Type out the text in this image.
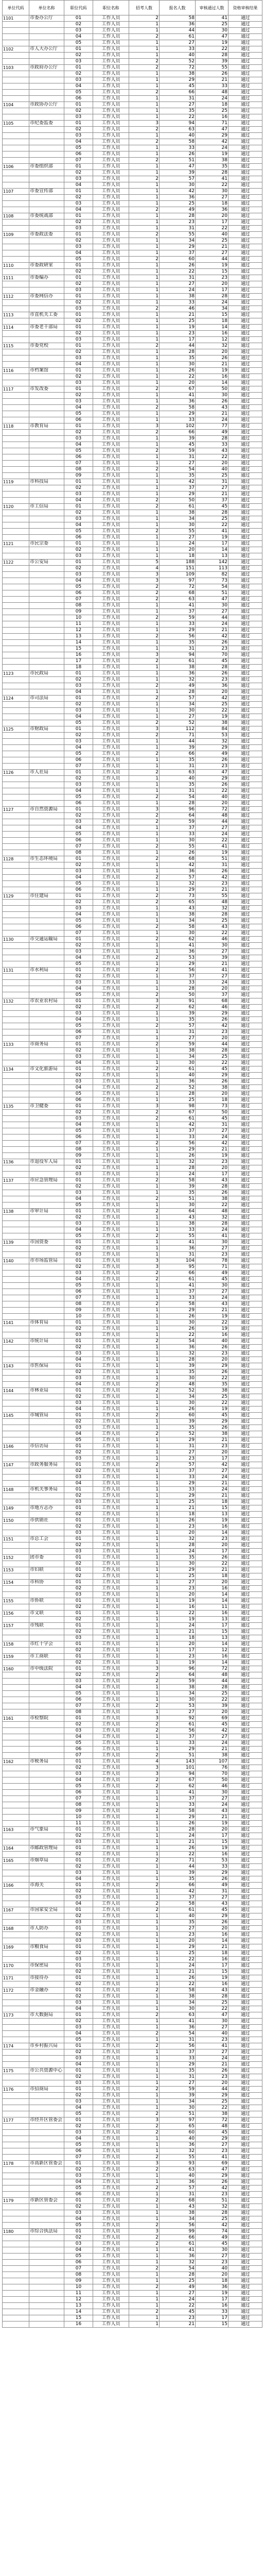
单位代码	单位名称	职位代码	职位名称	招考人数	报名人数	审核通过人数	资格审核结果
1101	市委办公厅	01	工作人员	2	58	41	通过
		02	工作人员	1	36	25	通过
		03	工作人员	1	44	30	通过
		04	工作人员	2	61	47	通过
		05	工作人员	1	27	19	通过
1102	市人大办公厅	01	工作人员	1	33	22	通过
		02	工作人员	1	40	28	通过
		03	工作人员	2	52	39	通过
1103	市政府办公厅	01	工作人员	2	72	55	通过
		02	工作人员	1	38	26	通过
		03	工作人员	1	29	21	通过
		04	工作人员	1	45	33	通过
		05	工作人员	2	66	48	通过
		06	工作人员	1	31	24	通过
1104	市政协办公厅	01	工作人员	1	27	18	通过
		02	工作人员	1	35	25	通过
		03	工作人员	1	22	16	通过
1105	市纪委监委	01	工作人员	3	94	71	通过
		02	工作人员	2	63	47	通过
		03	工作人员	1	40	29	通过
		04	工作人员	2	58	42	通过
		05	工作人员	1	33	24	通过
		06	工作人员	1	26	19	通过
		07	工作人员	2	51	38	通过
1106	市委组织部	01	工作人员	1	47	35	通过
		02	工作人员	1	39	28	通过
		03	工作人员	2	57	41	通过
		04	工作人员	1	30	22	通过
1107	市委宣传部	01	工作人员	1	42	30	通过
		02	工作人员	1	36	27	通过
		03	工作人员	1	25	18	通过
		04	工作人员	2	49	36	通过
1108	市委统战部	01	工作人员	1	28	20	通过
		02	工作人员	1	23	17	通过
		03	工作人员	1	31	22	通过
1109	市委政法委	01	工作人员	2	55	40	通过
		02	工作人员	1	34	25	通过
		03	工作人员	1	29	21	通过
		04	工作人员	1	37	27	通过
		05	工作人员	2	60	44	通过
1110	市委政研室	01	工作人员	1	26	19	通过
		02	工作人员	1	22	15	通过
1111	市委编办	01	工作人员	1	31	23	通过
		02	工作人员	1	27	20	通过
		03	工作人员	1	24	17	通过
1112	市委网信办	01	工作人员	1	38	28	通过
		02	工作人员	1	33	24	通过
		03	工作人员	2	46	34	通过
1113	市直机关工委	01	工作人员	1	21	15	通过
		02	工作人员	1	25	18	通过
1114	市委老干部局	01	工作人员	1	19	14	通过
		02	工作人员	1	23	16	通过
		03	工作人员	1	17	12	通过
1115	市委党校	01	工作人员	2	44	32	通过
		02	工作人员	1	28	20	通过
		03	工作人员	1	35	26	通过
		04	工作人员	1	30	21	通过
1116	市档案馆	01	工作人员	1	26	19	通过
		02	工作人员	1	22	16	通过
		03	工作人员	1	20	14	通过
1117	市发改委	01	工作人员	2	67	50	通过
		02	工作人员	1	41	30	通过
		03	工作人员	1	36	26	通过
		04	工作人员	2	58	43	通过
		05	工作人员	1	29	21	通过
		06	工作人员	1	33	24	通过
1118	市教育局	01	工作人员	3	102	77	通过
		02	工作人员	2	66	49	通过
		03	工作人员	1	39	28	通过
		04	工作人员	1	45	33	通过
		05	工作人员	2	59	43	通过
		06	工作人员	1	31	22	通过
		07	工作人员	1	27	20	通过
		08	工作人员	2	54	40	通过
		09	工作人员	1	35	25	通过
1119	市科技局	01	工作人员	1	42	31	通过
		02	工作人员	1	37	27	通过
		03	工作人员	1	29	21	通过
		04	工作人员	2	50	37	通过
1120	市工信局	01	工作人员	2	61	45	通过
		02	工作人员	1	38	28	通过
		03	工作人员	1	34	25	通过
		04	工作人员	1	30	22	通过
		05	工作人员	2	55	41	通过
		06	工作人员	1	27	19	通过
1121	市民宗委	01	工作人员	1	24	17	通过
		02	工作人员	1	20	14	通过
		03	工作人员	1	18	13	通过
1122	市公安局	01	工作人员	5	188	142	通过
		02	工作人员	4	151	113	通过
		03	工作人员	3	109	82	通过
		04	工作人员	3	97	73	通过
		05	工作人员	2	72	54	通过
		06	工作人员	2	68	51	通过
		07	工作人员	2	63	47	通过
		08	工作人员	1	41	30	通过
		09	工作人员	1	37	27	通过
		10	工作人员	2	59	44	通过
		11	工作人员	1	33	24	通过
		12	工作人员	1	29	21	通过
		13	工作人员	2	56	42	通过
		14	工作人员	1	35	26	通过
		15	工作人员	1	31	23	通过
		16	工作人员	3	94	70	通过
		17	工作人员	2	61	45	通过
		18	工作人员	1	38	28	通过
1123	市民政局	01	工作人员	1	36	26	通过
		02	工作人员	1	32	23	通过
		03	工作人员	2	49	36	通过
		04	工作人员	1	28	20	通过
1124	市司法局	01	工作人员	2	57	42	通过
		02	工作人员	1	34	25	通过
		03	工作人员	1	30	22	通过
		04	工作人员	1	27	19	通过
		05	工作人员	2	52	38	通过
1125	市财政局	01	工作人员	3	112	84	通过
		02	工作人员	2	71	53	通过
		03	工作人员	1	44	32	通过
		04	工作人员	1	39	29	通过
		05	工作人员	2	66	49	通过
		06	工作人员	1	35	26	通过
		07	工作人员	1	31	23	通过
1126	市人社局	01	工作人员	2	63	47	通过
		02	工作人员	1	40	29	通过
		03	工作人员	1	35	26	通过
		04	工作人员	1	31	22	通过
		05	工作人员	2	54	40	通过
		06	工作人员	1	28	20	通过
1127	市自然资源局	01	工作人员	3	96	72	通过
		02	工作人员	2	64	48	通过
		03	工作人员	2	59	44	通过
		04	工作人员	1	37	27	通过
		05	工作人员	1	33	24	通过
		06	工作人员	1	30	22	通过
		07	工作人员	2	55	41	通过
		08	工作人员	1	26	19	通过
1128	市生态环境局	01	工作人员	2	68	51	通过
		02	工作人员	1	42	31	通过
		03	工作人员	1	36	26	通过
		04	工作人员	2	57	42	通过
		05	工作人员	1	32	23	通过
		06	工作人员	1	29	21	通过
1129	市住建局	01	工作人员	2	73	55	通过
		02	工作人员	2	65	48	通过
		03	工作人员	1	43	32	通过
		04	工作人员	1	38	28	通过
		05	工作人员	1	34	25	通过
		06	工作人员	2	58	43	通过
		07	工作人员	1	30	22	通过
1130	市交通运输局	01	工作人员	2	62	46	通过
		02	工作人员	1	41	30	通过
		03	工作人员	1	36	27	通过
		04	工作人员	2	53	39	通过
		05	工作人员	1	29	21	通过
1131	市水利局	01	工作人员	2	56	41	通过
		02	工作人员	1	37	27	通过
		03	工作人员	1	33	24	通过
		04	工作人员	1	28	20	通过
		05	工作人员	2	50	37	通过
1132	市农业农村局	01	工作人员	3	91	68	通过
		02	工作人员	2	62	46	通过
		03	工作人员	1	39	29	通过
		04	工作人员	1	35	26	通过
		05	工作人员	2	57	42	通过
		06	工作人员	1	31	23	通过
		07	工作人员	1	27	20	通过
1133	市商务局	01	工作人员	2	59	44	通过
		02	工作人员	1	38	28	通过
		03	工作人员	1	34	25	通过
		04	工作人员	1	30	22	通过
1134	市文化旅游局	01	工作人员	2	61	45	通过
		02	工作人员	1	40	29	通过
		03	工作人员	1	36	26	通过
		04	工作人员	2	52	38	通过
		05	工作人员	1	28	20	通过
		06	工作人员	1	25	18	通过
1135	市卫健委	01	工作人员	3	98	73	通过
		02	工作人员	2	67	50	通过
		03	工作人员	2	61	45	通过
		04	工作人员	1	42	31	通过
		05	工作人员	1	37	27	通过
		06	工作人员	1	33	24	通过
		07	工作人员	2	56	42	通过
		08	工作人员	1	29	21	通过
		09	工作人员	1	26	19	通过
1136	市退役军人局	01	工作人员	1	32	23	通过
		02	工作人员	1	28	20	通过
		03	工作人员	1	24	17	通过
1137	市应急管理局	01	工作人员	2	58	43	通过
		02	工作人员	1	39	28	通过
		03	工作人员	1	35	26	通过
		04	工作人员	2	51	38	通过
		05	工作人员	1	30	22	通过
1138	市审计局	01	工作人员	2	64	48	通过
		02	工作人员	1	43	32	通过
		03	工作人员	1	38	28	通过
		04	工作人员	1	33	24	通过
		05	工作人员	2	55	41	通过
1139	市国资委	01	工作人员	1	41	30	通过
		02	工作人员	1	36	27	通过
		03	工作人员	1	31	23	通过
1140	市市场监管局	01	工作人员	3	104	78	通过
		02	工作人员	3	95	71	通过
		03	工作人员	2	66	49	通过
		04	工作人员	2	61	45	通过
		05	工作人员	1	41	30	通过
		06	工作人员	1	37	27	通过
		07	工作人员	1	33	24	通过
		08	工作人员	2	58	43	通过
		09	工作人员	1	29	21	通过
		10	工作人员	1	26	19	通过
1141	市体育局	01	工作人员	1	30	22	通过
		02	工作人员	1	26	19	通过
		03	工作人员	1	22	16	通过
1142	市统计局	01	工作人员	2	54	40	通过
		02	工作人员	1	36	26	通过
		03	工作人员	1	32	23	通过
		04	工作人员	1	28	20	通过
1143	市医保局	01	工作人员	1	39	29	通过
		02	工作人员	1	35	26	通过
		03	工作人员	1	30	22	通过
		04	工作人员	2	48	35	通过
1144	市林业局	01	工作人员	2	52	38	通过
		02	工作人员	1	34	25	通过
		03	工作人员	1	30	22	通过
		04	工作人员	1	26	19	通过
1145	市城管局	01	工作人员	2	60	45	通过
		02	工作人员	1	39	29	通过
		03	工作人员	1	35	26	通过
		04	工作人员	2	52	38	通过
		05	工作人员	1	29	21	通过
1146	市信访局	01	工作人员	1	31	23	通过
		02	工作人员	1	27	20	通过
		03	工作人员	1	23	17	通过
1147	市政务服务局	01	工作人员	2	57	42	通过
		02	工作人员	1	37	27	通过
		03	工作人员	1	33	24	通过
		04	工作人员	1	29	21	通过
1148	市机关事务局	01	工作人员	1	33	24	通过
		02	工作人员	1	29	21	通过
		03	工作人员	1	25	18	通过
1149	市地方志办	01	工作人员	1	21	15	通过
		02	工作人员	1	18	13	通过
1150	市供销社	01	工作人员	1	26	19	通过
		02	工作人员	1	23	16	通过
		03	工作人员	1	20	14	通过
1151	市总工会	01	工作人员	1	32	23	通过
		02	工作人员	1	28	20	通过
		03	工作人员	1	24	17	通过
1152	团市委	01	工作人员	1	35	26	通过
		02	工作人员	1	30	22	通过
1153	市妇联	01	工作人员	1	29	21	通过
		02	工作人员	1	25	18	通过
1154	市科协	01	工作人员	1	27	20	通过
		02	工作人员	1	23	16	通过
		03	工作人员	1	20	14	通过
1155	市侨联	01	工作人员	1	19	14	通过
		02	工作人员	1	16	11	通过
1156	市文联	01	工作人员	1	22	16	通过
		02	工作人员	1	19	13	通过
1157	市残联	01	工作人员	1	24	17	通过
		02	工作人员	1	21	15	通过
		03	工作人员	1	18	13	通过
1158	市红十字会	01	工作人员	1	20	14	通过
		02	工作人员	1	17	12	通过
1159	市工商联	01	工作人员	1	23	16	通过
		02	工作人员	1	19	14	通过
1160	市中级法院	01	工作人员	3	96	72	通过
		02	工作人员	2	64	48	通过
		03	工作人员	2	59	44	通过
		04	工作人员	1	38	28	通过
		05	工作人员	1	34	25	通过
		06	工作人员	1	30	22	通过
		07	工作人员	2	53	39	通过
		08	工作人员	1	27	20	通过
1161	市检察院	01	工作人员	3	92	69	通过
		02	工作人员	2	61	45	通过
		03	工作人员	2	56	42	通过
		04	工作人员	1	37	27	通过
		05	工作人员	1	33	24	通过
		06	工作人员	1	29	21	通过
		07	工作人员	2	51	38	通过
1162	市税务局	01	工作人员	4	143	107	通过
		02	工作人员	3	101	76	通过
		03	工作人员	3	94	70	通过
		04	工作人员	2	67	50	通过
		05	工作人员	2	62	46	通过
		06	工作人员	1	41	30	通过
		07	工作人员	1	37	27	通过
		08	工作人员	1	33	24	通过
		09	工作人员	2	58	43	通过
		10	工作人员	1	29	21	通过
		11	工作人员	1	26	19	通过
1163	市气象局	01	工作人员	1	28	20	通过
		02	工作人员	1	24	17	通过
		03	工作人员	1	21	15	通过
1164	市邮政管理局	01	工作人员	1	26	19	通过
		02	工作人员	1	22	16	通过
1165	市烟草局	01	工作人员	2	71	53	通过
		02	工作人员	1	44	33	通过
		03	工作人员	1	39	29	通过
		04	工作人员	1	35	26	通过
1166	市海关	01	工作人员	2	66	49	通过
		02	工作人员	1	42	31	通过
		03	工作人员	1	37	27	通过
		04	工作人员	2	58	43	通过
1167	市国家安全局	01	工作人员	2	61	45	通过
		02	工作人员	1	40	29	通过
		03	工作人员	1	35	26	通过
1168	市人防办	01	工作人员	1	27	20	通过
		02	工作人员	1	23	16	通过
		03	工作人员	1	20	14	通过
1169	市粮食局	01	工作人员	1	29	21	通过
		02	工作人员	1	25	18	通过
		03	工作人员	1	22	16	通过
1170	市保密局	01	工作人员	1	24	17	通过
		02	工作人员	1	21	15	通过
1171	市接待办	01	工作人员	1	26	19	通过
		02	工作人员	1	22	16	通过
1172	市金融办	01	工作人员	2	58	43	通过
		02	工作人员	1	38	28	通过
		03	工作人员	1	34	25	通过
		04	工作人员	1	30	22	通过
1173	市大数据局	01	工作人员	2	63	47	通过
		02	工作人员	1	41	30	通过
		03	工作人员	1	36	27	通过
		04	工作人员	2	54	40	通过
		05	工作人员	1	31	23	通过
1174	市乡村振兴局	01	工作人员	2	56	41	通过
		02	工作人员	1	37	27	通过
		03	工作人员	1	33	24	通过
		04	工作人员	1	29	21	通过
1175	市公共资源中心	01	工作人员	1	35	26	通过
		02	工作人员	1	31	23	通过
		03	工作人员	1	27	20	通过
1176	市招商局	01	工作人员	2	59	44	通过
		02	工作人员	1	39	29	通过
		03	工作人员	1	34	25	通过
		04	工作人员	1	30	22	通过
		05	工作人员	2	51	38	通过
1177	市经开区管委会	01	工作人员	3	97	72	通过
		02	工作人员	2	65	48	通过
		03	工作人员	2	60	45	通过
		04	工作人员	1	40	29	通过
		05	工作人员	1	36	27	通过
		06	工作人员	1	32	23	通过
		07	工作人员	2	55	41	通过
1178	市高新区管委会	01	工作人员	3	93	69	通过
		02	工作人员	2	63	47	通过
		03	工作人员	1	40	29	通过
		04	工作人员	1	36	26	通过
		05	工作人员	2	57	42	通过
		06	工作人员	1	31	23	通过
1179	市新区管委会	01	工作人员	2	68	51	通过
		02	工作人员	1	43	32	通过
		03	工作人员	1	38	28	通过
		04	工作人员	1	34	25	通过
		05	工作人员	2	56	42	通过
1180	市综合执法局	01	工作人员	3	99	74	通过
		02	工作人员	2	66	49	通过
		03	工作人员	2	61	45	通过
		04	工作人员	1	41	30	通过
		05	工作人员	1	36	27	通过
		06	工作人员	1	32	23	通过
		07	工作人员	2	54	40	通过
		08	工作人员	1	28	20	通过
		09	工作人员	1	25	18	通过
		10	工作人员	2	49	36	通过
		11	工作人员	1	27	19	通过
		12	工作人员	1	24	17	通过
		13	工作人员	1	22	16	通过
		14	工作人员	2	45	33	通过
		15	工作人员	1	23	17	通过
		16	工作人员	1	21	15	通过
